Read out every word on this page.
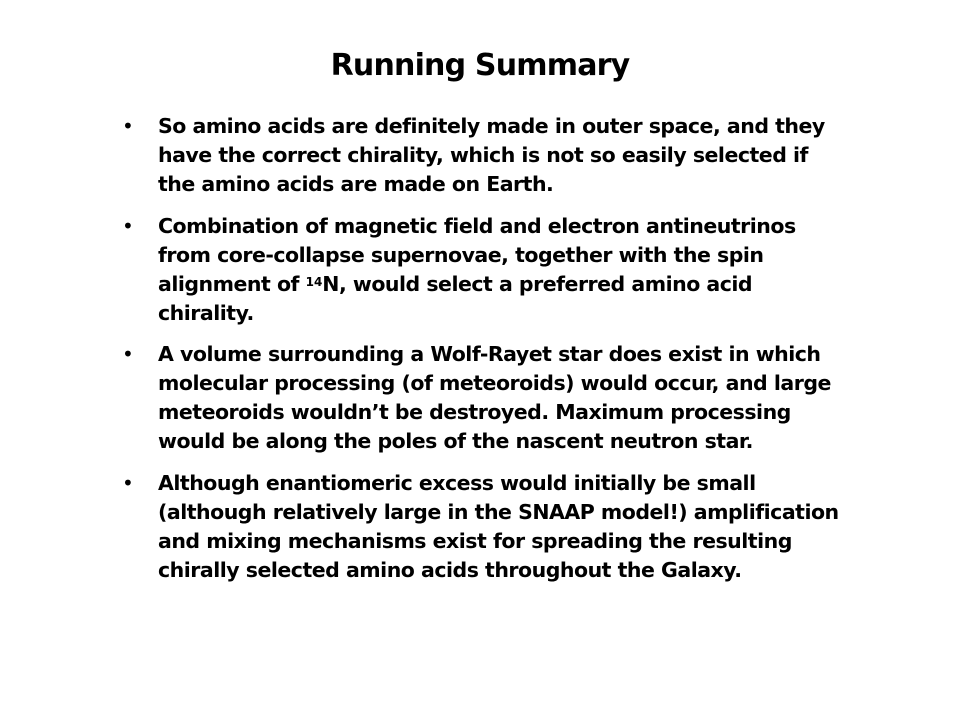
Running Summary
• So amino acids are definitely made in outer space, and they have the correct chirality, which is not so easily selected if the amino acids are made on Earth.
• Combination of magnetic field and electron antineutrinos from core-collapse supernovae, together with the spin alignment of $^{14}$N, would select a preferred amino acid chirality.
• A volume surrounding a Wolf-Rayet star does exist in which molecular processing (of meteoroids) would occur, and large meteoroids wouldn’t be destroyed. Maximum processing would be along the poles of the nascent neutron star.
• Although enantiomeric excess would initially be small (although relatively large in the SNAAP model!) amplification and mixing mechanisms exist for spreading the resulting chirally selected amino acids throughout the Galaxy.
